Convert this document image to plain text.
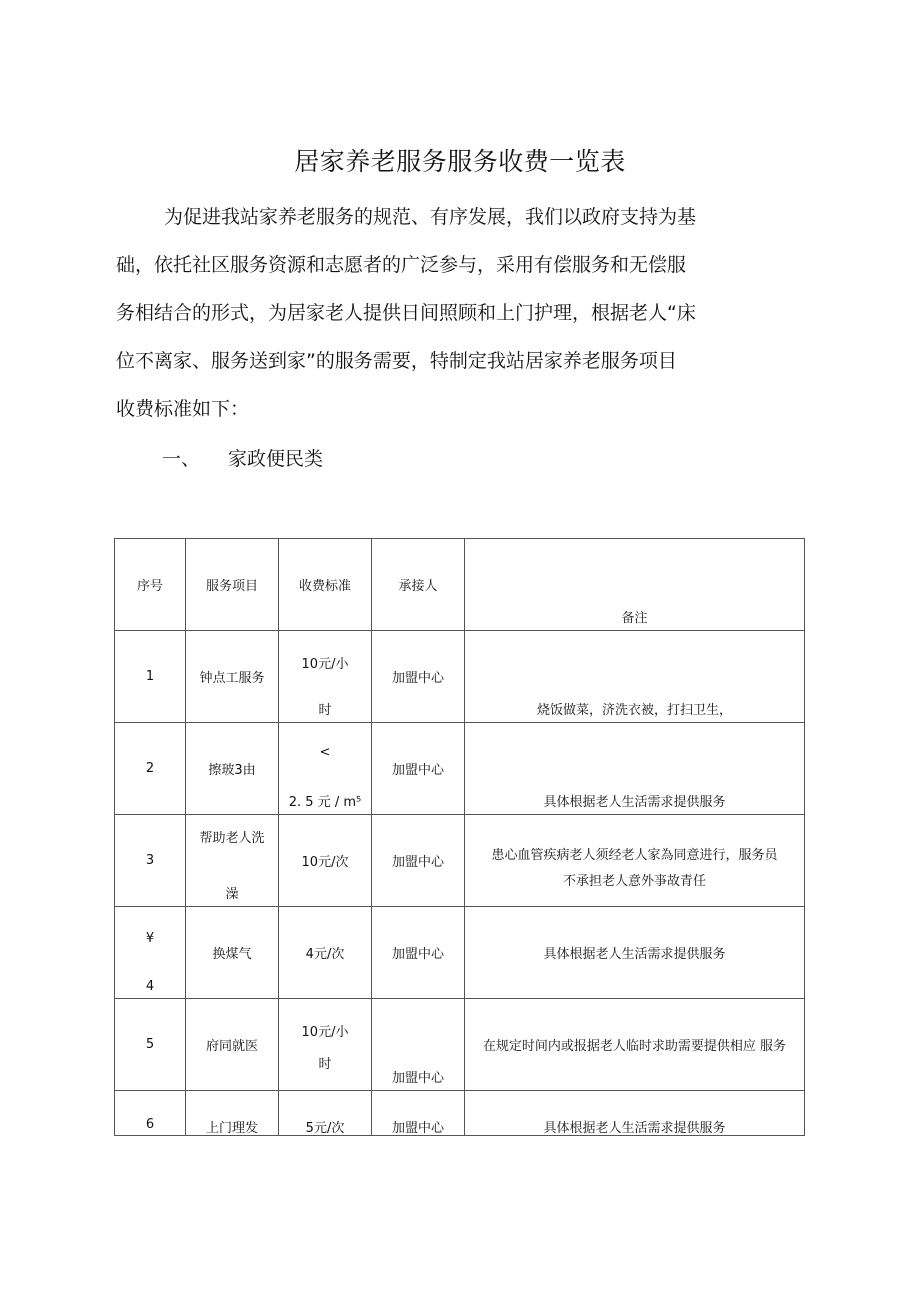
居家养老服务服务收费一览表
为促进我站家养老服务的规范、有序发展，我们以政府支持为基
础，依托社区服务资源和志愿者的广泛参与，采用有偿服务和无偿服
务相结合的形式，为居家老人提供日间照顾和上门护理，根据老人“床
位不离家、服务送到家”的服务需要，特制定我站居家养老服务项目
收费标准如下：
一、 家政便民类
序号	服务项目	收费标准	承接人	备注

1	钟点工服务	10元/小
时	加盟中心	烧饭做菜，济洗衣被，打扫卫生，

2	擦玻3由	<
2. 5 元 / m⁵	加盟中心	具体根据老人生活需求提供服务

3	帮助老人洗
澡	10元/次	加盟中心	患心血管疾病老人须经老人家為同意进行，服务员
不承担老人意外亊故青任

¥
4	换煤气	4元/次	加盟中心	具体根据老人生活需求提供服务
5	府同就医	10元/小
时	加盟中心	在规定时间内或报据老人临时求助需要提供相应 服务

6	上门理发	5元/次	加盟中心	具体根据老人生活需求提供服务
